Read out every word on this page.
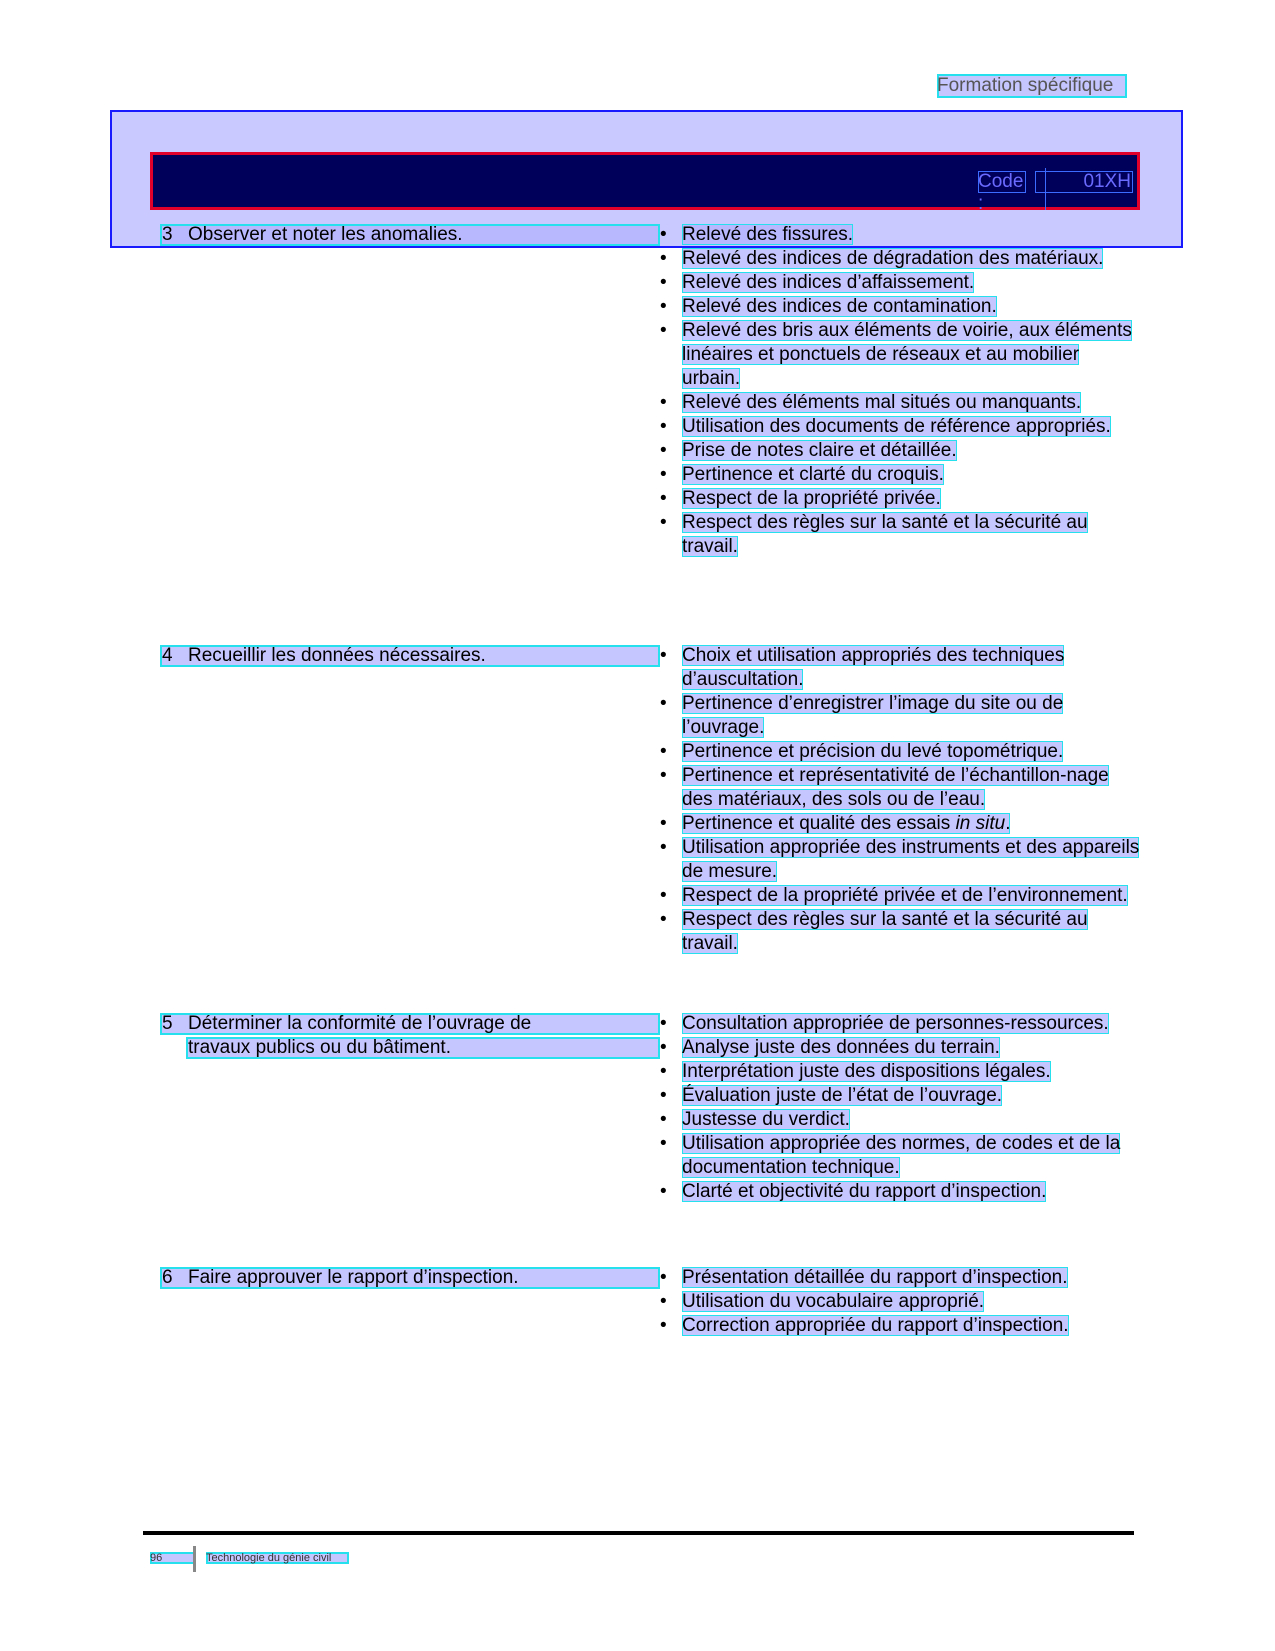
Formation spécifique
Code :
01XH
3 Observer et noter les anomalies.	• Relevé des fissures.
• Relevé des indices de dégradation des matériaux.
• Relevé des indices d’affaissement.
• Relevé des indices de contamination.
• Relevé des bris aux éléments de voirie, aux éléments linéaires et ponctuels de réseaux et au mobilier urbain.
• Relevé des éléments mal situés ou manquants.
• Utilisation des documents de référence appropriés.
• Prise de notes claire et détaillée.
• Pertinence et clarté du croquis.
• Respect de la propriété privée.
• Respect des règles sur la santé et la sécurité au travail.
4 Recueillir les données nécessaires.	• Choix et utilisation appropriés des techniques d’auscultation.
• Pertinence d’enregistrer l’image du site ou de l’ouvrage.
• Pertinence et précision du levé topométrique.
• Pertinence et représentativité de l’échantillon-nage des matériaux, des sols ou de l’eau.
• Pertinence et qualité des essais in situ.
• Utilisation appropriée des instruments et des appareils de mesure.
• Respect de la propriété privée et de l’environnement.
• Respect des règles sur la santé et la sécurité au travail.
5 Déterminer la conformité de l’ouvrage de
travaux publics ou du bâtiment.
• Consultation appropriée de personnes-ressources.
• Analyse juste des données du terrain.
• Interprétation juste des dispositions légales.
• Évaluation juste de l’état de l’ouvrage.
• Justesse du verdict.
• Utilisation appropriée des normes, de codes et de la documentation technique.
• Clarté et objectivité du rapport d’inspection.
6 Faire approuver le rapport d’inspection.	• Présentation détaillée du rapport d’inspection.
• Utilisation du vocabulaire approprié.
• Correction appropriée du rapport d’inspection.
96	Technologie du génie civil
